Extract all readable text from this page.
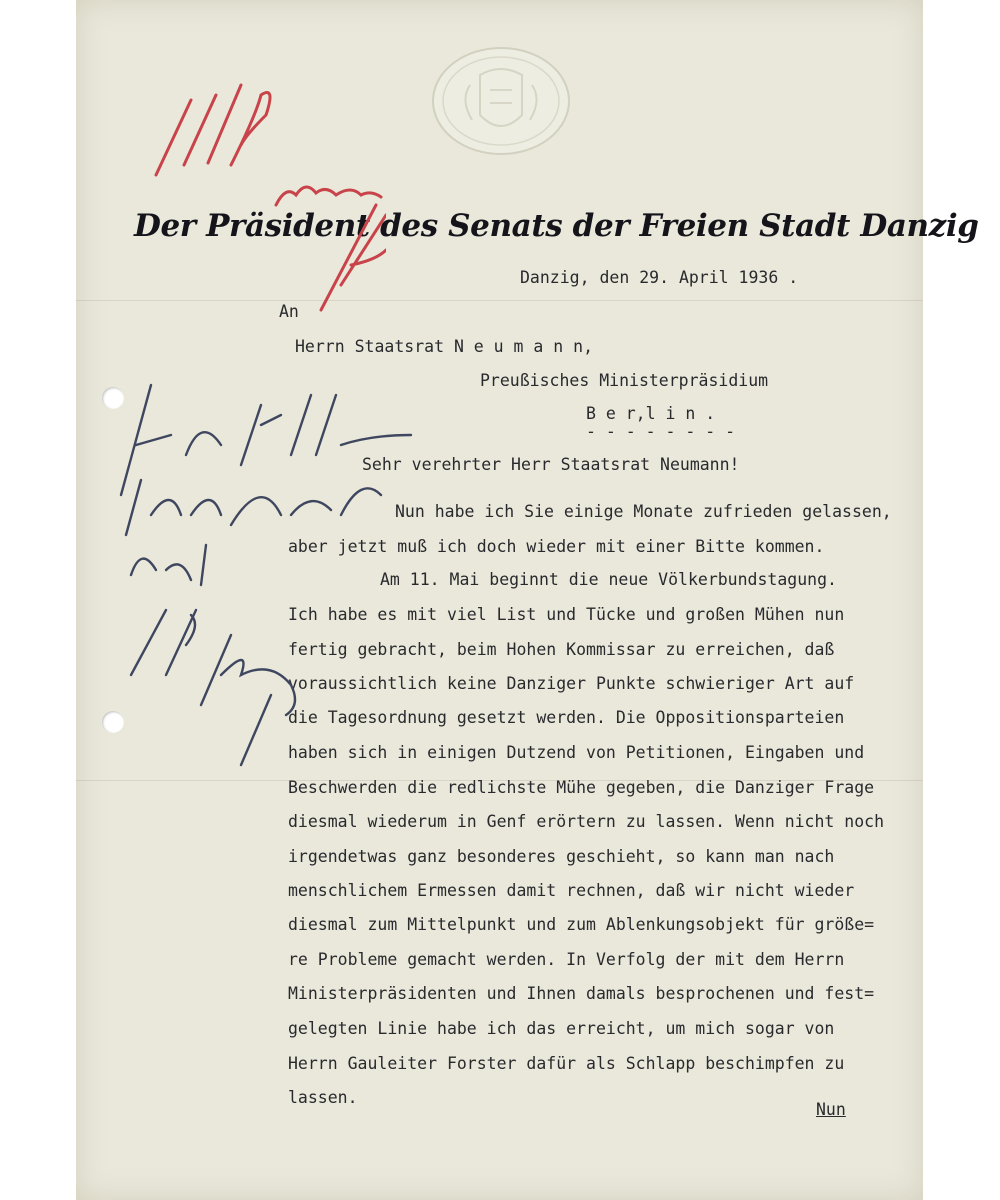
Der Präsident des Senats der Freien Stadt Danzig
Danzig, den 29. April 1936 .
An
Herrn Staatsrat N e u m a n n,
Preußisches Ministerpräsidium
B e r,l i n .
- - - - - - - -
Sehr verehrter Herr Staatsrat Neumann!
Nun habe ich Sie einige Monate zufrieden gelassen,
aber jetzt muß ich doch wieder mit einer Bitte kommen.
Am 11. Mai beginnt die neue Völkerbundstagung.
Ich habe es mit viel List und Tücke und großen Mühen nun
fertig gebracht, beim Hohen Kommissar zu erreichen, daß
voraussichtlich keine Danziger Punkte schwieriger Art auf
die Tagesordnung gesetzt werden. Die Oppositionsparteien
haben sich in einigen Dutzend von Petitionen, Eingaben und
Beschwerden die redlichste Mühe gegeben, die Danziger Frage
diesmal wiederum in Genf erörtern zu lassen. Wenn nicht noch
irgendetwas ganz besonderes geschieht, so kann man nach
menschlichem Ermessen damit rechnen, daß wir nicht wieder
diesmal zum Mittelpunkt und zum Ablenkungsobjekt für größe=
re Probleme gemacht werden. In Verfolg der mit dem Herrn
Ministerpräsidenten und Ihnen damals besprochenen und fest=
gelegten Linie habe ich das erreicht, um mich sogar von
Herrn Gauleiter Forster dafür als Schlapp beschimpfen zu
lassen.
Nun
